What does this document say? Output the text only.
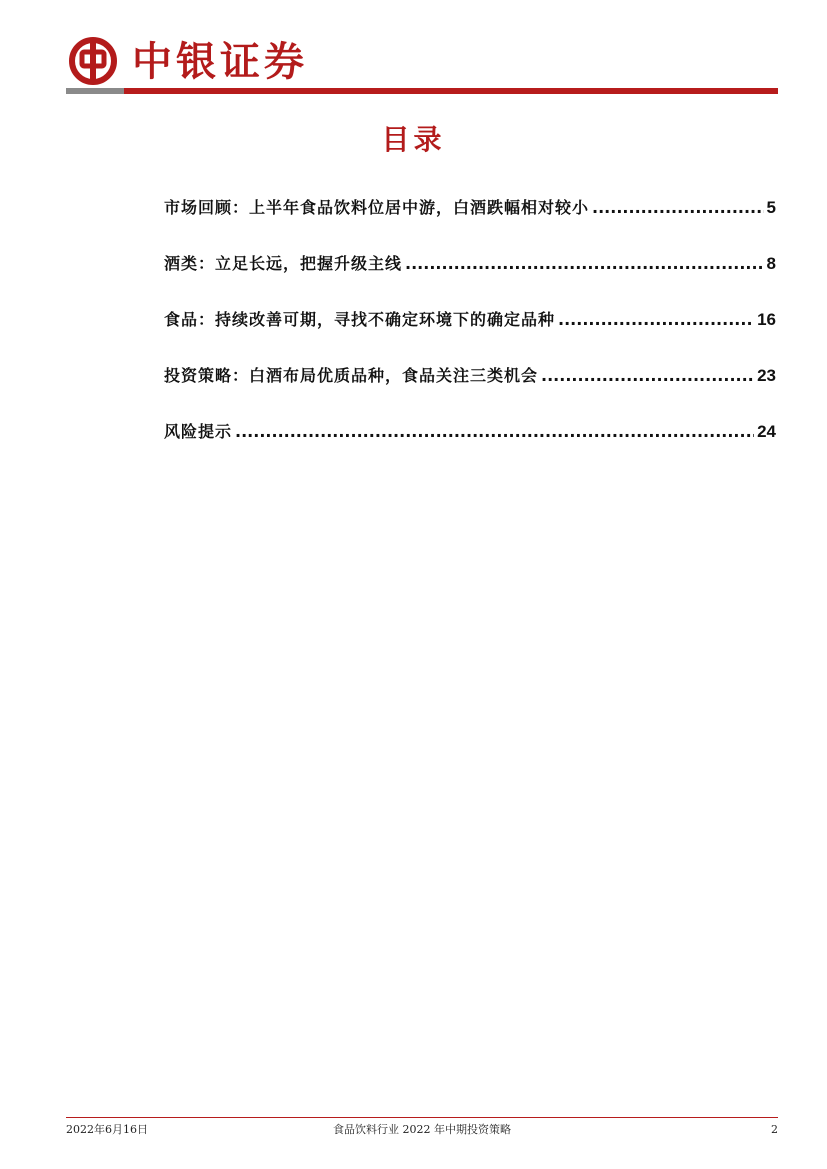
中银证券
目录
市场回顾：上半年食品饮料位居中游，白酒跌幅相对较小 .....	5
酒类：立足长远，把握升级主线 .....	8
食品：持续改善可期，寻找不确定环境下的确定品种 .....	16
投资策略：白酒布局优质品种，食品关注三类机会 .....	23
风险提示 .....	24
2022年6月16日	食品饮料行业 2022 年中期投资策略	2
